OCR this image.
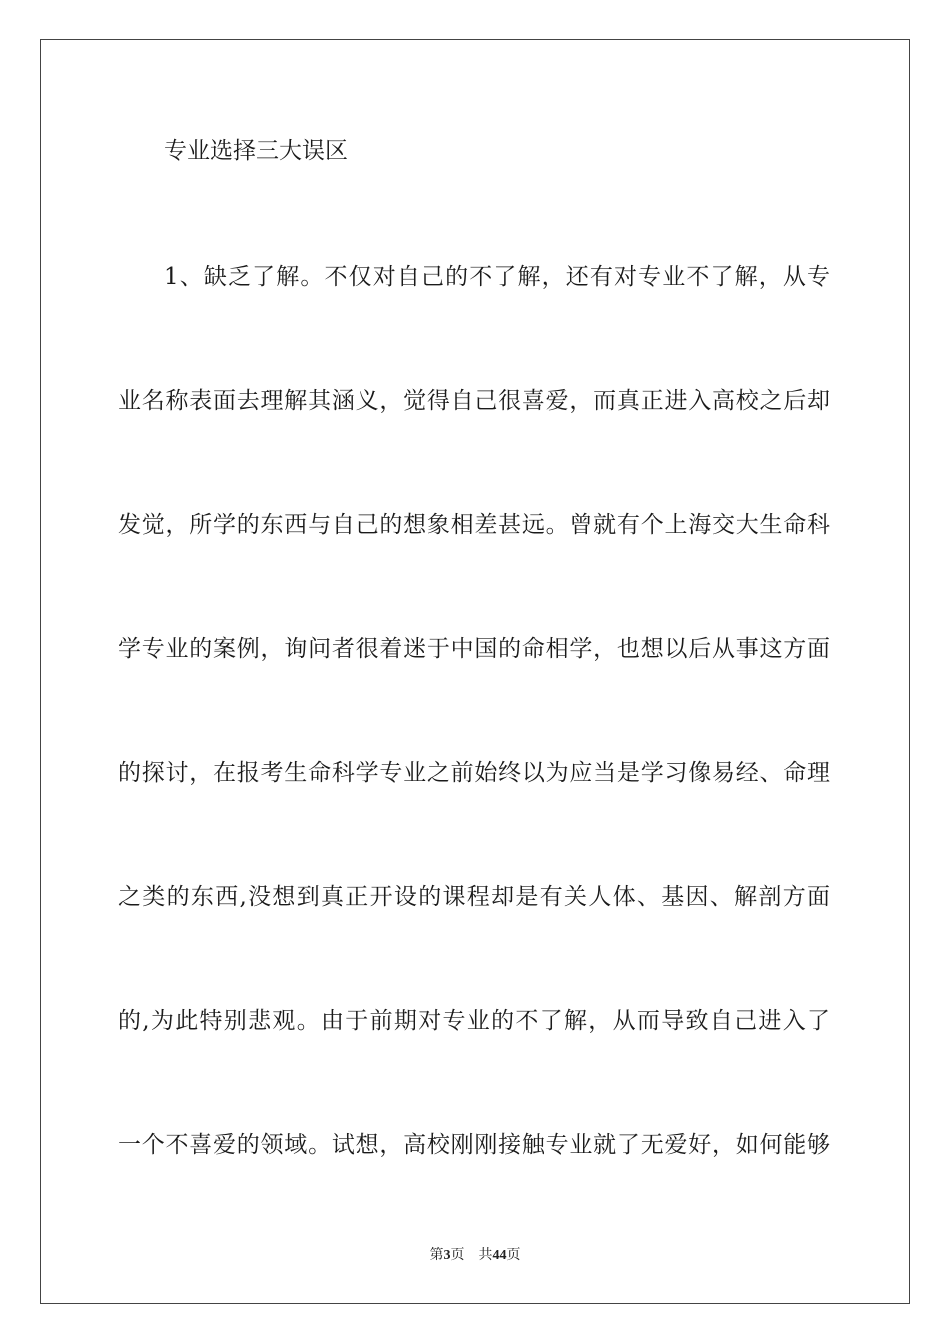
专业选择三大误区
1、缺乏了解。不仅对自己的不了解，还有对专业不了解，从专
业名称表面去理解其涵义，觉得自己很喜爱，而真正进入高校之后却
发觉，所学的东西与自己的想象相差甚远。曾就有个上海交大生命科
学专业的案例，询问者很着迷于中国的命相学，也想以后从事这方面
的探讨，在报考生命科学专业之前始终以为应当是学习像易经、命理
之类的东西,没想到真正开设的课程却是有关人体、基因、解剖方面
的,为此特别悲观。由于前期对专业的不了解，从而导致自己进入了
一个不喜爱的领域。试想，高校刚刚接触专业就了无爱好，如何能够
第3页 共44页
